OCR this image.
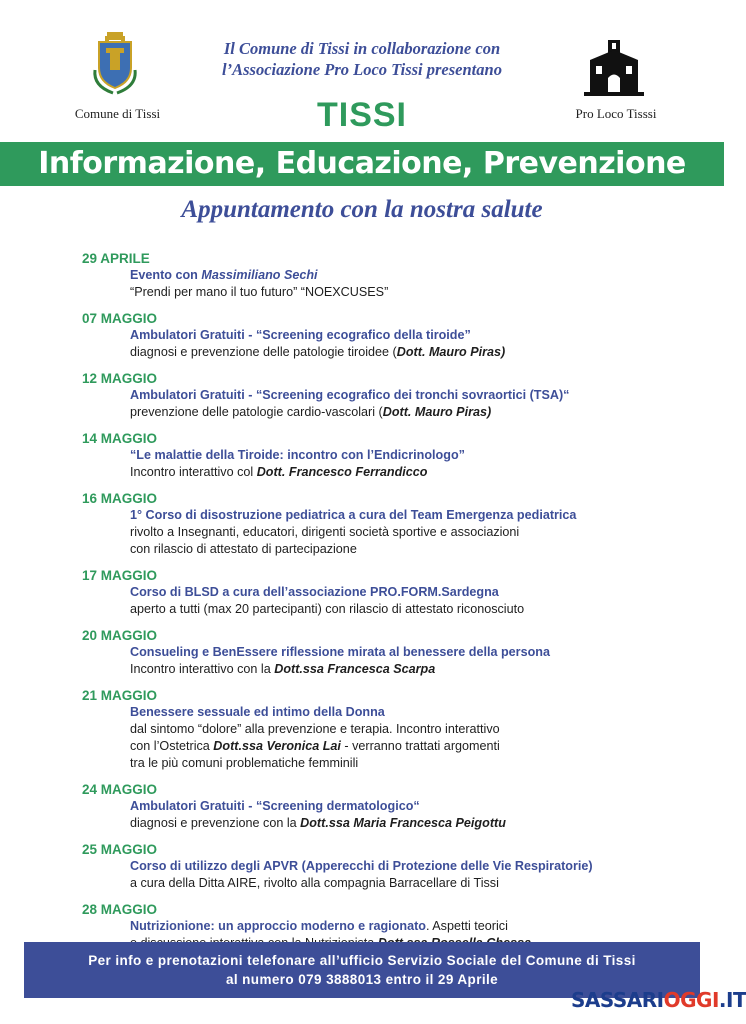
Comune di Tissi
Il Comune di Tissi in collaborazione con
l’Associazione Pro Loco Tissi presentano
TISSI	Pro Loco Tisssi
Informazione, Educazione, Prevenzione
Appuntamento con la nostra salute
29 APRILE
Evento con Massimiliano Sechi
“Prendi per mano il tuo futuro” “NOEXCUSES”
07 MAGGIO
Ambulatori Gratuiti - “Screening ecografico della tiroide”
diagnosi e prevenzione delle patologie tiroidee (Dott. Mauro Piras)
12 MAGGIO
Ambulatori Gratuiti - “Screening ecografico dei tronchi sovraortici (TSA)“
prevenzione delle patologie cardio-vascolari (Dott. Mauro Piras)
14 MAGGIO
“Le malattie della Tiroide: incontro con l’Endicrinologo”
Incontro interattivo col Dott. Francesco Ferrandicco
16 MAGGIO
1° Corso di disostruzione pediatrica a cura del Team Emergenza pediatrica
rivolto a Insegnanti, educatori, dirigenti società sportive e associazioni
con rilascio di attestato di partecipazione
17 MAGGIO
Corso di BLSD a cura dell’associazione PRO.FORM.Sardegna
aperto a tutti (max 20 partecipanti) con rilascio di attestato riconosciuto
20 MAGGIO
Consueling e BenEssere riflessione mirata al benessere della persona
Incontro interattivo con la Dott.ssa Francesca Scarpa
21 MAGGIO
Benessere sessuale ed intimo della Donna
dal sintomo “dolore” alla prevenzione e terapia. Incontro interattivo
con l’Ostetrica Dott.ssa Veronica Lai - verranno trattati argomenti
tra le più comuni problematiche femminili
24 MAGGIO
Ambulatori Gratuiti - “Screening dermatologico“
diagnosi e prevenzione con la Dott.ssa Maria Francesca Peigottu
25 MAGGIO
Corso di utilizzo degli APVR (Apperecchi di Protezione delle Vie Respiratorie)
a cura della Ditta AIRE, rivolto alla compagnia Barracellare di Tissi
28 MAGGIO
Nutrizionione: un approccio moderno e ragionato. Aspetti teorici
Per info e prenotazioni telefonare all’ufficio Servizio Sociale del Comune di Tissi
al numero 079 3888013 entro il 29 Aprile
SASSARIOGGI.IT
